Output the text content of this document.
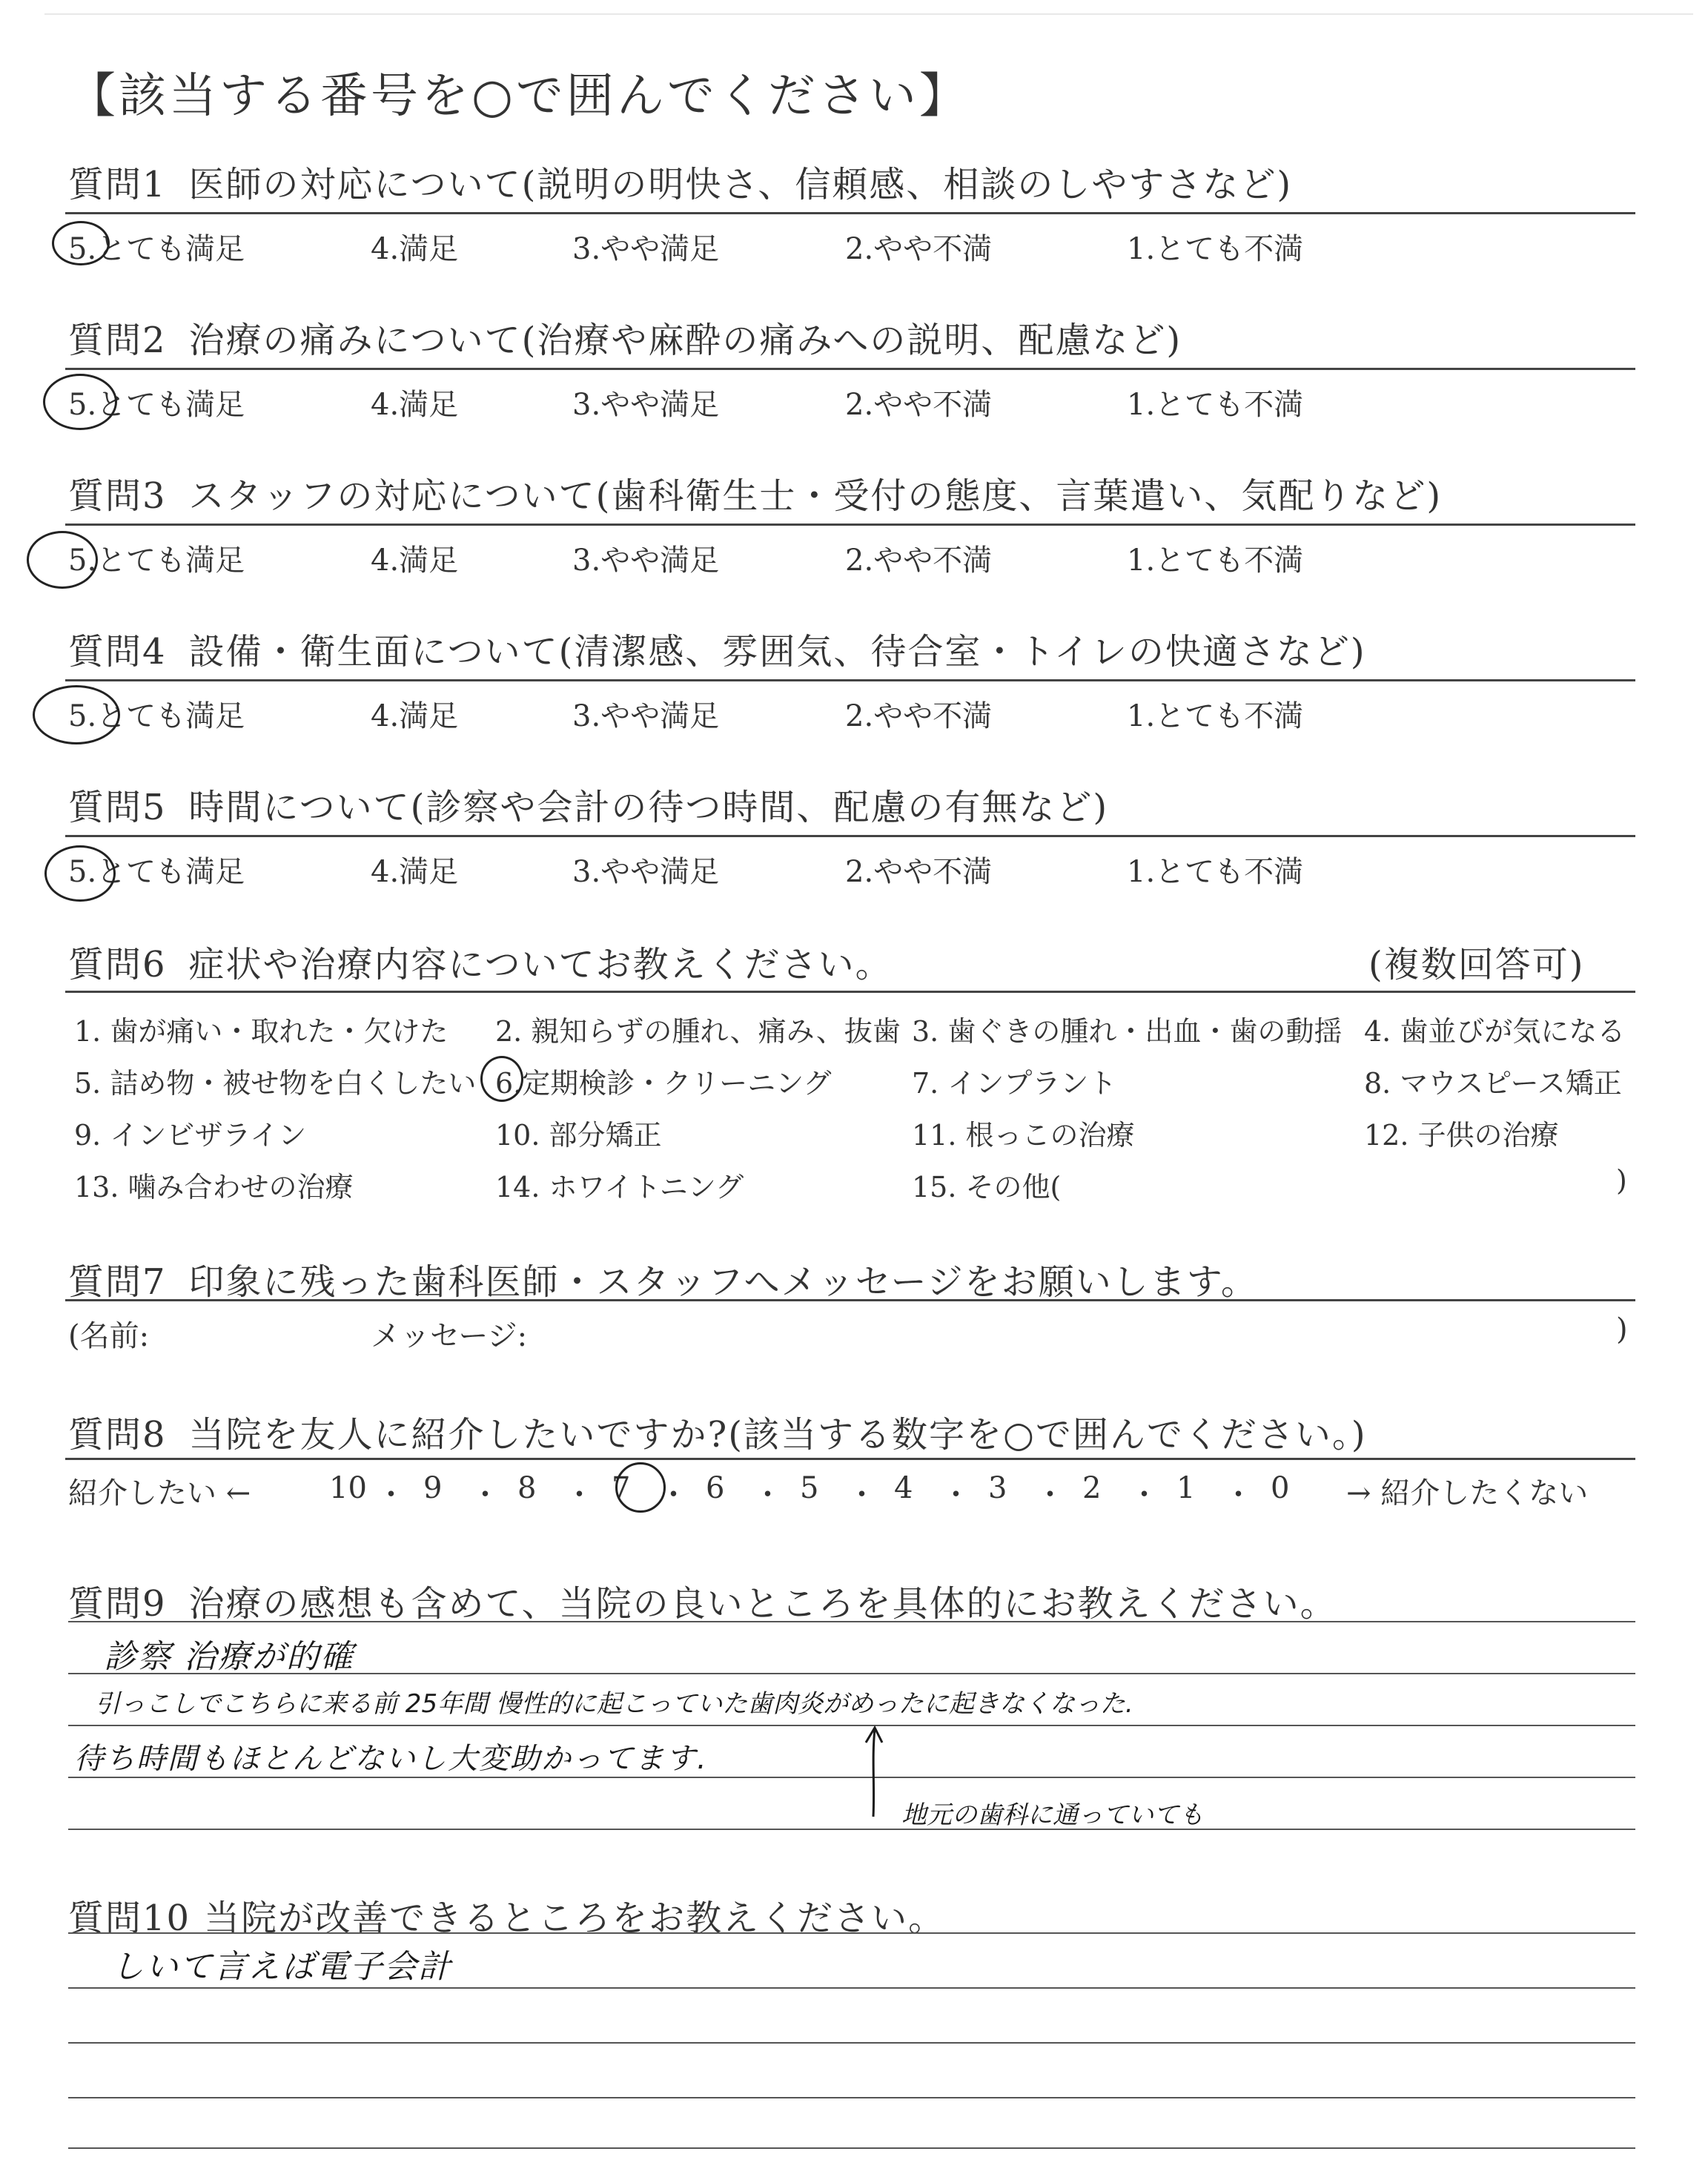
【該当する番号を○で囲んでください】
質問1 医師の対応について(説明の明快さ、信頼感、相談のしやすさなど)
5.とても満足	4.満足	3.やや満足	2.やや不満	1.とても不満
質問2 治療の痛みについて(治療や麻酔の痛みへの説明、配慮など)
5.とても満足	4.満足	3.やや満足	2.やや不満	1.とても不満
質問3 スタッフの対応について(歯科衛生士・受付の態度、言葉遣い、気配りなど)
5.とても満足	4.満足	3.やや満足	2.やや不満	1.とても不満
質問4 設備・衛生面について(清潔感、雰囲気、待合室・トイレの快適さなど)
5.とても満足	4.満足	3.やや満足	2.やや不満	1.とても不満
質問5 時間について(診察や会計の待つ時間、配慮の有無など)
5.とても満足	4.満足	3.やや満足	2.やや不満	1.とても不満
質問6 症状や治療内容についてお教えください。	(複数回答可)
1. 歯が痛い・取れた・欠けた 2. 親知らずの腫れ、痛み、抜歯 3. 歯ぐきの腫れ・出血・歯の動揺 4. 歯並びが気になる
5. 詰め物・被せ物を白くしたい 6.定期検診・クリーニング	7. インプラント	8. マウスピース矯正
9. インビザライン	10. 部分矯正	11. 根っこの治療	12. 子供の治療
13. 噛み合わせの治療	14. ホワイトニング	15. その他(	)
質問7 印象に残った歯科医師・スタッフへメッセージをお願いします。
(名前:	メッセージ:	)
質問8 当院を友人に紹介したいですか?(該当する数字を○で囲んでください。)
紹介したい ←	10 ・ 9 ・ 8 ・ 7 ・ 6 ・ 5 ・ 4 ・ 3 ・ 2 ・ 1 ・ 0 → 紹介したくない
質問9 治療の感想も含めて、当院の良いところを具体的にお教えください。
診察 治療が的確
引っこしでこちらに来る前 25年間 慢性的に起こっていた歯肉炎がめったに起きなくなった.
待ち時間もほとんどないし大変助かってます.
地元の歯科に通っていても
質問10 当院が改善できるところをお教えください。
しいて言えば電子会計
